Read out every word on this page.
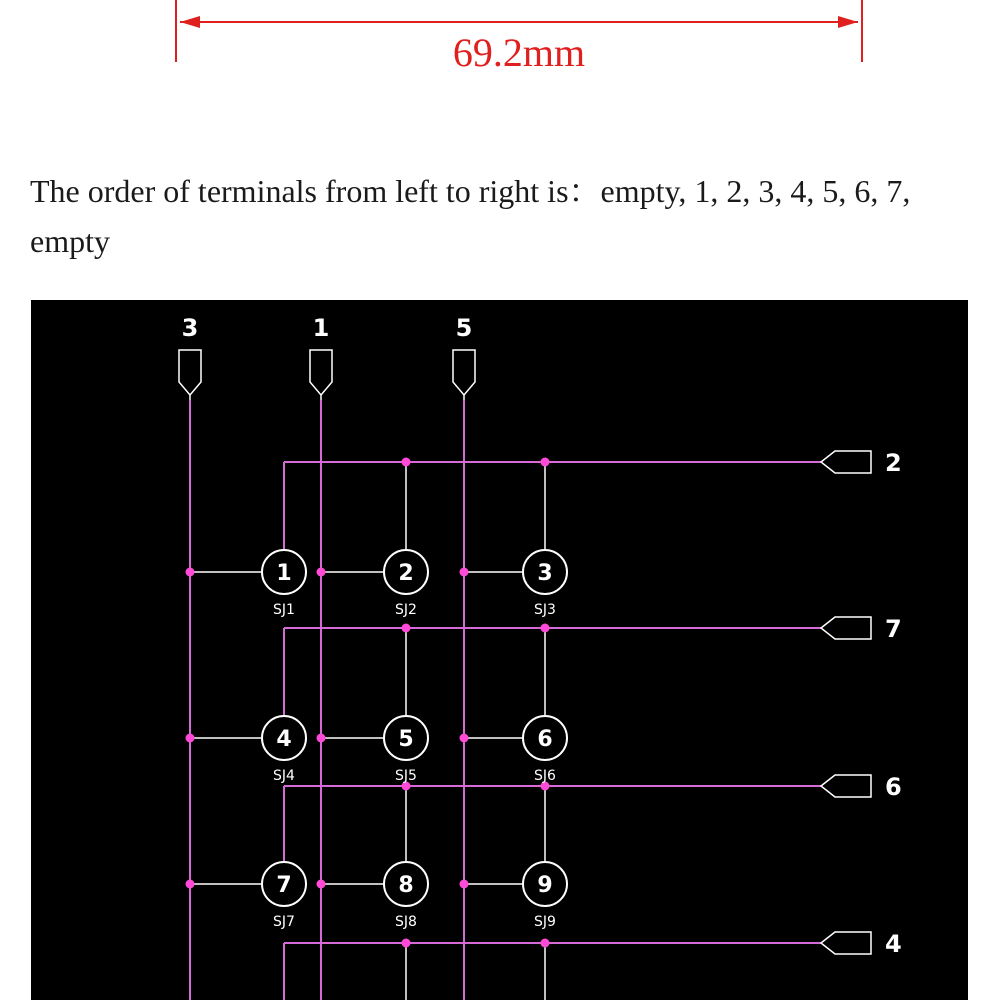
69.2mm

The order of terminals from left to right is：empty, 1, 2, 3, 4, 5, 6, 7, empty

3	1	5
2
7
6
4
1
SJ1
2
SJ2
3
SJ3
4
SJ4
5
SJ5
6
SJ6
7
SJ7
8
SJ8
9
SJ9
